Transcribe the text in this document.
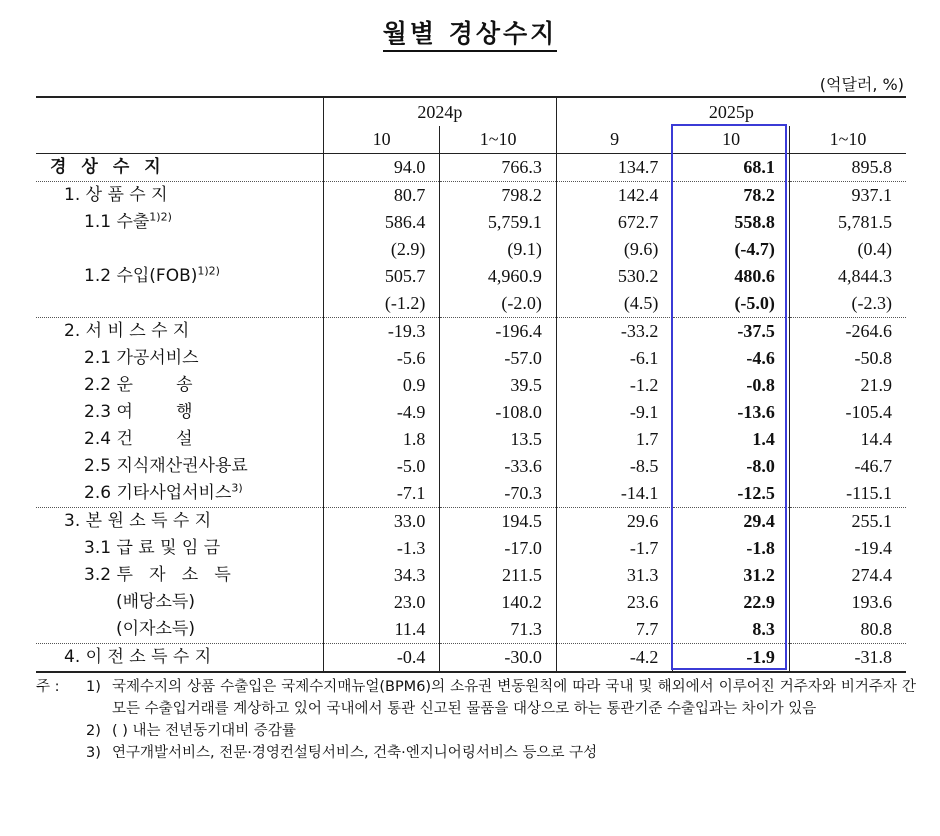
월별 경상수지
(억달러, %)
	2024p		2025p		
	10	1~10	9	10	1~10
경상수지	94.0	766.3	134.7	68.1	895.8
1. 상 품 수 지	80.7	798.2	142.4	78.2	937.1
1.1 수출$^{1)2)}$	586.4	5,759.1	672.7	558.8	5,781.5
	(2.9)	(9.1)	(9.6)	(-4.7)	(0.4)
1.2 수입(FOB)$^{1)2)}$	505.7	4,960.9	530.2	480.6	4,844.3
	(-1.2)	(-2.0)	(4.5)	(-5.0)	(-2.3)
2. 서 비 스 수 지	-19.3	-196.4	-33.2	-37.5	-264.6
2.1 가공서비스	-5.6	-57.0	-6.1	-4.6	-50.8
2.2 운        송	0.9	39.5	-1.2	-0.8	21.9
2.3 여        행	-4.9	-108.0	-9.1	-13.6	-105.4
2.4 건        설	1.8	13.5	1.7	1.4	14.4
2.5 지식재산권사용료	-5.0	-33.6	-8.5	-8.0	-46.7
2.6 기타사업서비스$^{3)}$	-7.1	-70.3	-14.1	-12.5	-115.1
3. 본 원 소 득 수 지	33.0	194.5	29.6	29.4	255.1
3.1 급 료 및 임 금	-1.3	-17.0	-1.7	-1.8	-19.4
3.2 투   자   소   득	34.3	211.5	31.3	31.2	274.4
(배당소득)	23.0	140.2	23.6	22.9	193.6
(이자소득)	11.4	71.3	7.7	8.3	80.8
4. 이 전 소 득 수 지	-0.4	-30.0	-4.2	-1.9	-31.8
주 :	1) 국제수지의 상품 수출입은 국제수지매뉴얼(BPM6)의 소유권 변동원칙에 따라 국내 및 해외에서 이루어진 거주자와 비거주자 간 모든 수출입거래를 계상하고 있어 국내에서 통관 신고된 물품을 대상으로 하는 통관기준 수출입과는 차이가 있음
2) ( ) 내는 전년동기대비 증감률
3) 연구개발서비스, 전문·경영컨설팅서비스, 건축·엔지니어링서비스 등으로 구성
